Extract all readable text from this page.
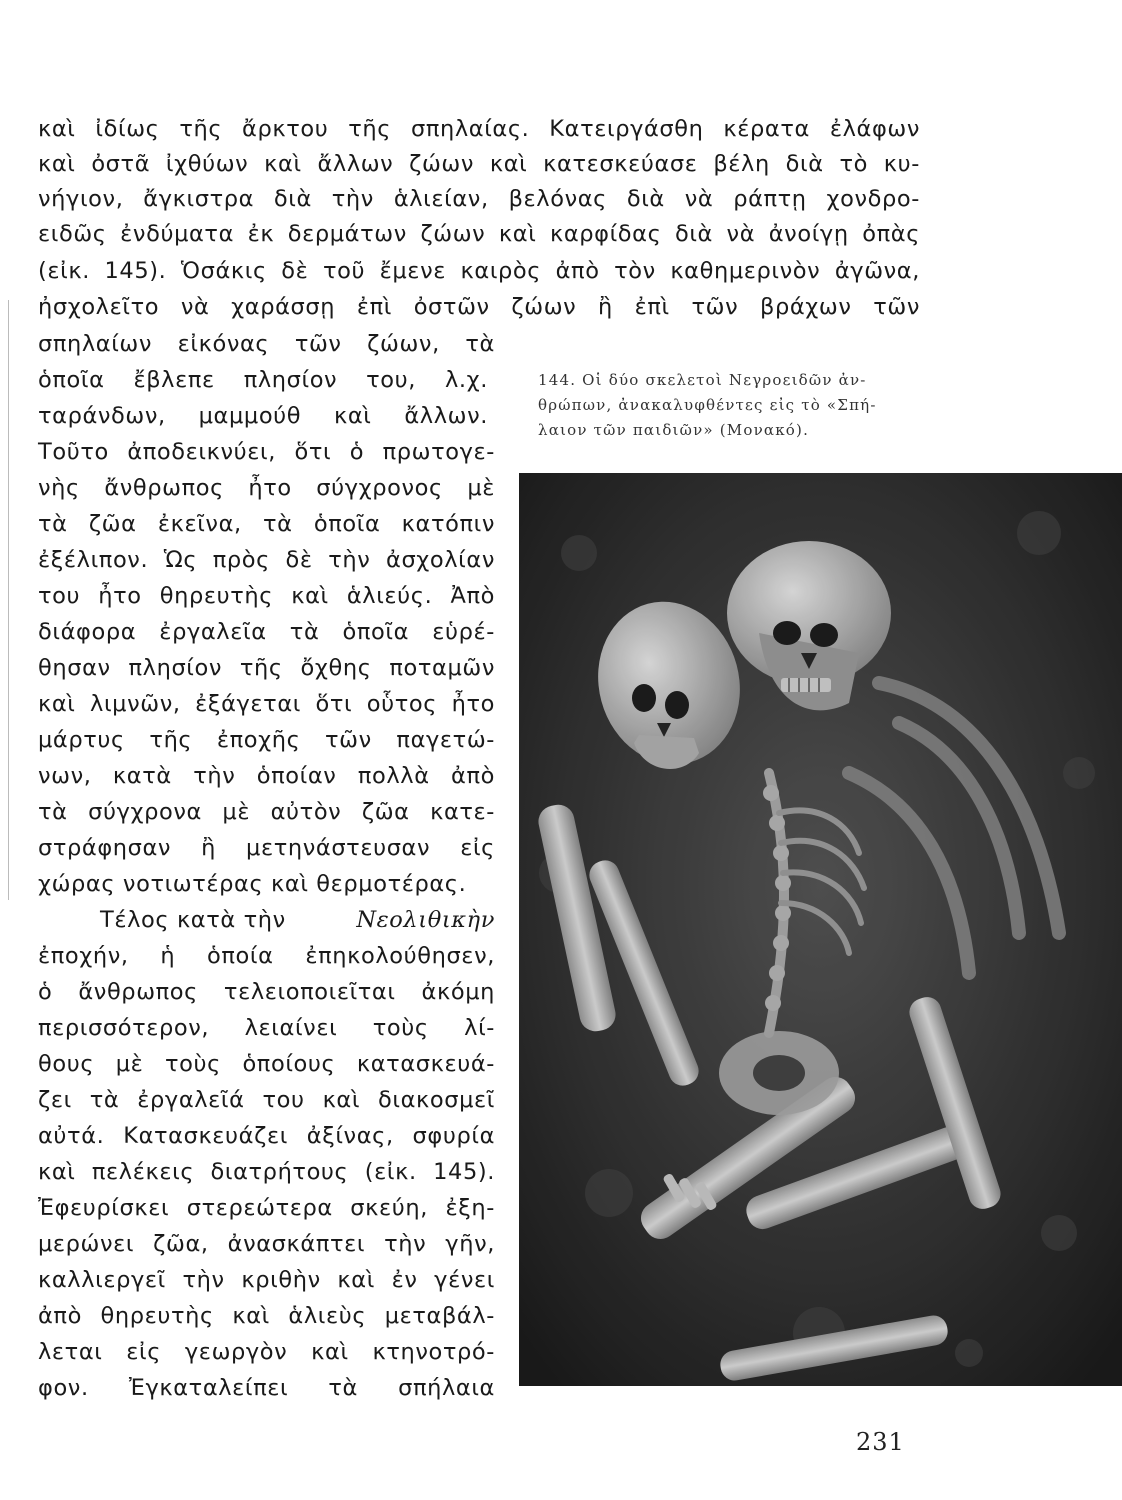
καὶ ἰδίως τῆς ἄρκτου τῆς σπηλαίας. Κατειργάσθη κέρατα ἐλάφων
καὶ ὀστᾶ ἰχθύων καὶ ἄλλων ζώων καὶ κατεσκεύασε βέλη διὰ τὸ κυ-
νήγιον, ἄγκιστρα διὰ τὴν ἁλιείαν, βελόνας διὰ νὰ ράπτῃ χονδρο-
ειδῶς ἐνδύματα ἐκ δερμάτων ζώων καὶ καρφίδας διὰ νὰ ἀνοίγῃ ὀπὰς
(εἰκ. 145). Ὁσάκις δὲ τοῦ ἔμενε καιρὸς ἀπὸ τὸν καθημερινὸν ἀγῶνα,
ἠσχολεῖτο νὰ χαράσσῃ ἐπὶ ὀστῶν ζώων ἢ ἐπὶ τῶν βράχων τῶν
σπηλαίων εἰκόνας τῶν ζώων, τὰ
ὁποῖα ἔβλεπε πλησίον του, λ.χ.
ταράνδων, μαμμούθ καὶ ἄλλων.
Τοῦτο ἀποδεικνύει, ὅτι ὁ πρωτογε-
νὴς ἄνθρωπος ἦτο σύγχρονος μὲ
τὰ ζῶα ἐκεῖνα, τὰ ὁποῖα κατόπιν
ἐξέλιπον. Ὡς πρὸς δὲ τὴν ἀσχολίαν
του ἦτο θηρευτὴς καὶ ἁλιεύς. Ἀπὸ
διάφορα ἐργαλεῖα τὰ ὁποῖα εὑρέ-
θησαν πλησίον τῆς ὄχθης ποταμῶν
καὶ λιμνῶν, ἐξάγεται ὅτι οὗτος ἦτο
μάρτυς τῆς ἐποχῆς τῶν παγετώ-
νων, κατὰ τὴν ὁποίαν πολλὰ ἀπὸ
τὰ σύγχρονα μὲ αὐτὸν ζῶα κατε-
στράφησαν ἢ μετηνάστευσαν εἰς
χώρας νοτιωτέρας καὶ θερμοτέρας.
Τέλος κατὰ τὴν	Νεολιθικὴν
ἐποχήν, ἡ ὁποία ἐπηκολούθησεν,
ὁ ἄνθρωπος τελειοποιεῖται ἀκόμη
περισσότερον, λειαίνει τοὺς λί-
θους μὲ τοὺς ὁποίους κατασκευά-
ζει τὰ ἐργαλεῖά του καὶ διακοσμεῖ
αὐτά. Κατασκευάζει ἀξίνας, σφυρία
καὶ πελέκεις διατρήτους (εἰκ. 145).
Ἐφευρίσκει στερεώτερα σκεύη, ἐξη-
μερώνει ζῶα, ἀνασκάπτει τὴν γῆν,
καλλιεργεῖ τὴν κριθὴν καὶ ἐν γένει
ἀπὸ θηρευτὴς καὶ ἁλιεὺς μεταβάλ-
λεται εἰς γεωργὸν καὶ κτηνοτρό-
φον. Ἐγκαταλείπει τὰ σπήλαια
144. Οἱ δύο σκελετοὶ Νεγροειδῶν ἀν-
θρώπων, ἀνακαλυφθέντες εἰς τὸ «Σπή-
λαιον τῶν παιδιῶν» (Μονακό).
231
